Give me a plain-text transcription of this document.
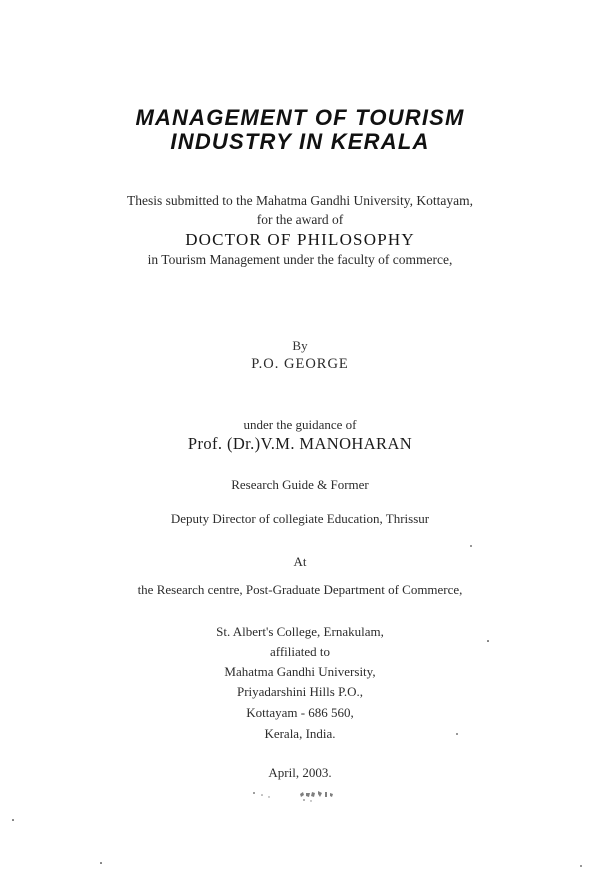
MANAGEMENT OF TOURISM
INDUSTRY IN KERALA
Thesis submitted to the Mahatma Gandhi University, Kottayam,
for the award of
DOCTOR OF PHILOSOPHY
in Tourism Management under the faculty of commerce,
By
P.O. GEORGE
under the guidance of
Prof. (Dr.)V.M. MANOHARAN
Research Guide & Former
Deputy Director of collegiate Education, Thrissur
At
the Research centre, Post-Graduate Department of Commerce,
St. Albert's College, Ernakulam,
affiliated to
Mahatma Gandhi University,
Priyadarshini Hills P.O.,
Kottayam - 686 560,
Kerala, India.
April, 2003.
